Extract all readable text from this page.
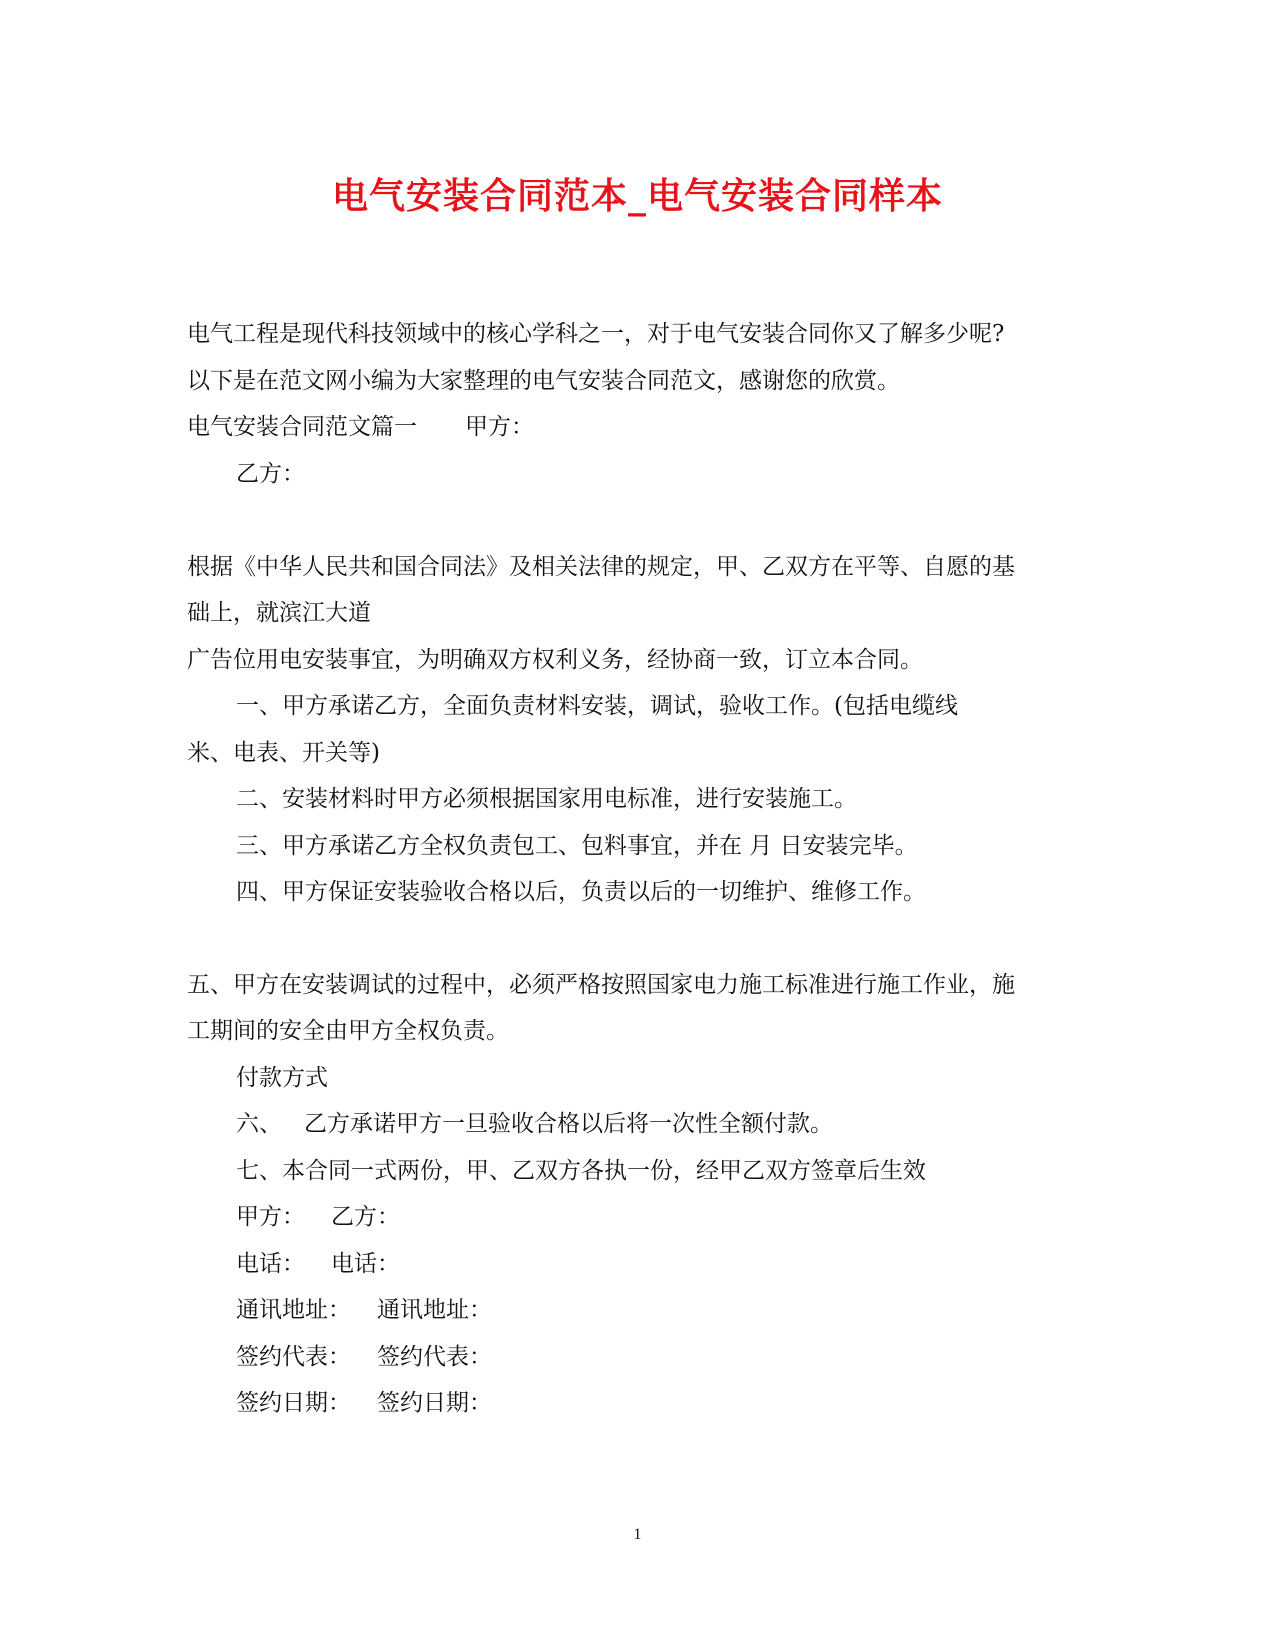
电气安装合同范本_电气安装合同样本
电气工程是现代科技领域中的核心学科之一，对于电气安装合同你又了解多少呢?
以下是在范文网小编为大家整理的电气安装合同范文，感谢您的欣赏。
电气安装合同范文篇一 甲方：
乙方：
根据《中华人民共和国合同法》及相关法律的规定，甲、乙双方在平等、自愿的基
础上，就滨江大道
广告位用电安装事宜，为明确双方权利义务，经协商一致，订立本合同。
一、甲方承诺乙方，全面负责材料安装，调试，验收工作。(包括电缆线
米、电表、开关等)
二、安装材料时甲方必须根据国家用电标准，进行安装施工。
三、甲方承诺乙方全权负责包工、包料事宜，并在 月 日安装完毕。
四、甲方保证安装验收合格以后，负责以后的一切维护、维修工作。
五、甲方在安装调试的过程中，必须严格按照国家电力施工标准进行施工作业，施
工期间的安全由甲方全权负责。
付款方式
六、 乙方承诺甲方一旦验收合格以后将一次性全额付款。
七、本合同一式两份，甲、乙双方各执一份，经甲乙双方签章后生效
甲方： 乙方：
电话： 电话：
通讯地址： 通讯地址：
签约代表： 签约代表：
签约日期： 签约日期：
1
